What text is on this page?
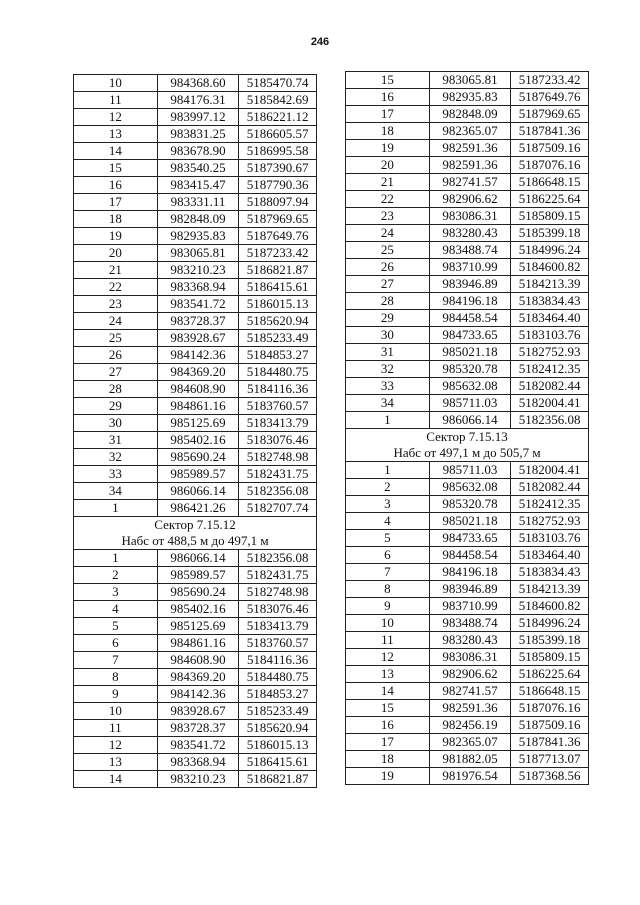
246
10	984368.60	5185470.74
11	984176.31	5185842.69
12	983997.12	5186221.12
13	983831.25	5186605.57
14	983678.90	5186995.58
15	983540.25	5187390.67
16	983415.47	5187790.36
17	983331.11	5188097.94
18	982848.09	5187969.65
19	982935.83	5187649.76
20	983065.81	5187233.42
21	983210.23	5186821.87
22	983368.94	5186415.61
23	983541.72	5186015.13
24	983728.37	5185620.94
25	983928.67	5185233.49
26	984142.36	5184853.27
27	984369.20	5184480.75
28	984608.90	5184116.36
29	984861.16	5183760.57
30	985125.69	5183413.79
31	985402.16	5183076.46
32	985690.24	5182748.98
33	985989.57	5182431.75
34	986066.14	5182356.08
1	986421.26	5182707.74
Сектор 7.15.12		
Набс от 488,5 м до 497,1 м		
1	986066.14	5182356.08
2	985989.57	5182431.75
3	985690.24	5182748.98
4	985402.16	5183076.46
5	985125.69	5183413.79
6	984861.16	5183760.57
7	984608.90	5184116.36
8	984369.20	5184480.75
9	984142.36	5184853.27
10	983928.67	5185233.49
11	983728.37	5185620.94
12	983541.72	5186015.13
13	983368.94	5186415.61
14	983210.23	5186821.87
15	983065.81	5187233.42
16	982935.83	5187649.76
17	982848.09	5187969.65
18	982365.07	5187841.36
19	982591.36	5187509.16
20	982591.36	5187076.16
21	982741.57	5186648.15
22	982906.62	5186225.64
23	983086.31	5185809.15
24	983280.43	5185399.18
25	983488.74	5184996.24
26	983710.99	5184600.82
27	983946.89	5184213.39
28	984196.18	5183834.43
29	984458.54	5183464.40
30	984733.65	5183103.76
31	985021.18	5182752.93
32	985320.78	5182412.35
33	985632.08	5182082.44
34	985711.03	5182004.41
1	986066.14	5182356.08
Сектор 7.15.13		
Набс от 497,1 м до 505,7 м		
1	985711.03	5182004.41
2	985632.08	5182082.44
3	985320.78	5182412.35
4	985021.18	5182752.93
5	984733.65	5183103.76
6	984458.54	5183464.40
7	984196.18	5183834.43
8	983946.89	5184213.39
9	983710.99	5184600.82
10	983488.74	5184996.24
11	983280.43	5185399.18
12	983086.31	5185809.15
13	982906.62	5186225.64
14	982741.57	5186648.15
15	982591.36	5187076.16
16	982456.19	5187509.16
17	982365.07	5187841.36
18	981882.05	5187713.07
19	981976.54	5187368.56
